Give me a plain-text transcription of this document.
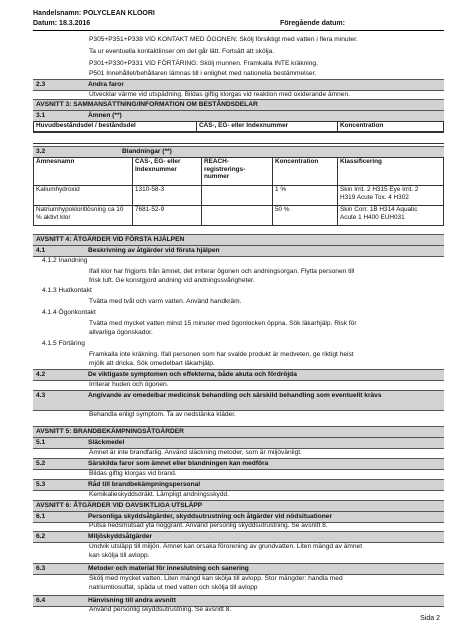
Handelsnamn: POLYCLEAN KLOORI
Datum: 18.3.2016	Föregående datum:
P305+P351+P338 VID KONTAKT MED ÖGONEN: Skölj försiktigt med vatten i flera minuter.
Ta ur eventuella kontaktlinser om det går lätt. Fortsätt att skölja.
P301+P330+P331 VID FÖRTÄRING: Skölj munnen. Framkalla INTE kräkning.
P501 Innehållet/behållaren lämnas till i enlighet med nationella bestämmelser.
2.3	Andra faror
Utvecklar värme vid utspädning. Bildas giftig klorgas vid reaktion med oxiderande ämnen.
AVSNITT 3: SAMMANSÄTTNING/INFORMATION OM BESTÅNDSDELAR
3.1	Ämnen (**)
Huvudbeståndsdel / beståndsdel	CAS-, EG- eller Indexnummer	Koncentration
3.2	Blandningar (**)
Ämnesnamn	CAS-, EG- eller Indexnummer	REACH-registrerings-nummer	Koncentration	Klassificering
Kaliumhydroxid	1310-58-3		1 %	Skin Irrit. 2 H315 Eye Irrit. 2
H319 Acute Tox. 4 H302

Natriumhypokloritlösning ca 10 % aktivt klor	7681-52-9		50 %	Skin Corr. 1B H314 Aquatic
Acute 1 H400 EUH031
AVSNITT 4: ÅTGÄRDER VID FÖRSTA HJÄLPEN
4.1	Beskrivning av åtgärder vid första hjälpen
4.1.2 Inandning
Ifall klor har frigjorts från ämnet, det irriterar ögonen och andningsorgan. Flytta personen till
frisk luft. Ge konstgjord andning vid andningssvårigheter.
4.1.3 Hudkontakt
Tvätta med tvål och varm vatten. Använd handkräm.
4.1.4 Ögonkontakt
Tvätta med mycket vatten minst 15 minuter med ögonlocken öppna. Sök läkarhjälp. Risk för
allvarliga ögonskador.
4.1.5 Förtäring
Framkalla inte kräkning. Ifall personen som har svalde produkt är medveten, ge riktigt heist
mjölk att dricka. Sök omedelbart läkarhjälp.
4.2	De viktigaste symptomen och effekterna, både akuta och fördröjda
Irriterar huden och ögonen.
4.3	Angivande av omedelbar medicinsk behandling och särskild behandling som eventuellt krävs
Behandla enligt symptom. Ta av nedstänka kläder.
AVSNITT 5: BRANDBEKÄMPNINGSÅTGÄRDER
5.1	Släckmedel
Ämnet är inte brandfarlig. Använd släckning metoder, som är miljövänligt.
5.2	Särskilda faror som ämnet eller blandningen kan medföra
Bildas giftig klorgas vid brand.
5.3	Råd till brandbekämpningspersonal
Kemikalieskyddsdräkt. Lämpligt andningsskydd.
AVSNITT 6: ÅTGÄRDER VID OAVSIKTLIGA UTSLÄPP
6.1	Personliga skyddsåtgärder, skyddsutrustning och åtgärder vid nödsituationer
Putsa nedsmutsad yta noggrant. Använd personlig skyddsutrustning. Se avsnitt 8.
6.2	Miljöskyddsåtgärder
Undvik utsläpp till miljön. Ämnet kan orsaka förorening av grundvatten. Liten mängd av ämnet
kan skölja till avlopp.
6.3	Metoder och material för inneslutning och sanering
Skölj med mycket vatten. Liten mängd kan skölja till avlopp. Stor mängder: handla med
natriumtiosulfat, späda ut med vatten och skölja till avlopp
6.4	Hänvisning till andra avsnitt
Använd personlig skyddsutrustning. Se avsnitt 8.
Sida 2
